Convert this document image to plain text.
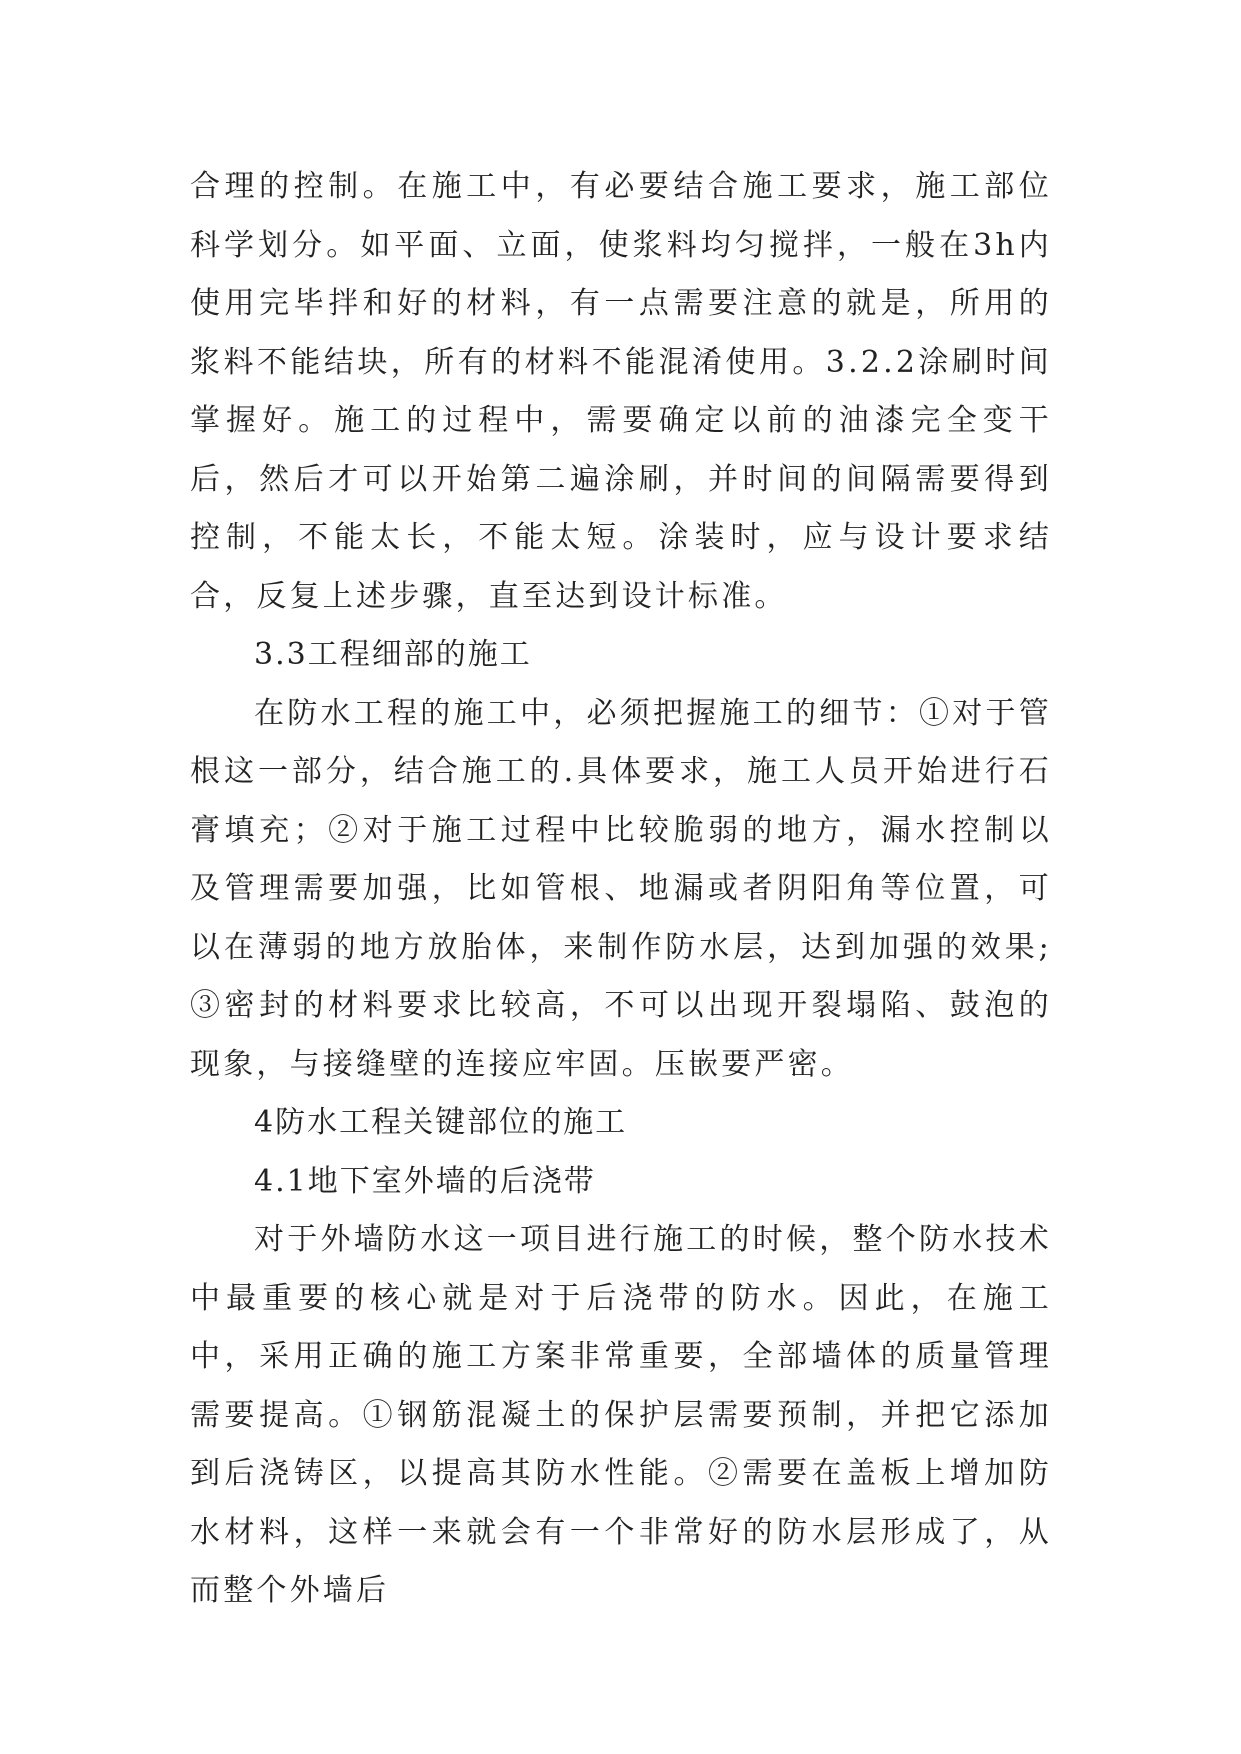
合理的控制。在施工中，有必要结合施工要求，施工部位科学划分。如平面、立面，使浆料均匀搅拌，一般在3h内使用完毕拌和好的材料，有一点需要注意的就是，所用的浆料不能结块，所有的材料不能混淆使用。3.2.2涂刷时间掌握好。施工的过程中，需要确定以前的油漆完全变干后，然后才可以开始第二遍涂刷，并时间的间隔需要得到控制，不能太长，不能太短。涂装时，应与设计要求结合，反复上述步骤，直至达到设计标准。

3.3工程细部的施工

在防水工程的施工中，必须把握施工的细节：①对于管根这一部分，结合施工的.具体要求，施工人员开始进行石膏填充；②对于施工过程中比较脆弱的地方，漏水控制以及管理需要加强，比如管根、地漏或者阴阳角等位置，可以在薄弱的地方放胎体，来制作防水层，达到加强的效果;③密封的材料要求比较高，不可以出现开裂塌陷、鼓泡的现象，与接缝壁的连接应牢固。压嵌要严密。

4防水工程关键部位的施工

4.1地下室外墙的后浇带

对于外墙防水这一项目进行施工的时候，整个防水技术中最重要的核心就是对于后浇带的防水。因此，在施工中，采用正确的施工方案非常重要，全部墙体的质量管理需要提高。①钢筋混凝土的保护层需要预制，并把它添加到后浇铸区，以提高其防水性能。②需要在盖板上增加防水材料，这样一来就会有一个非常好的防水层形成了，从而整个外墙后
